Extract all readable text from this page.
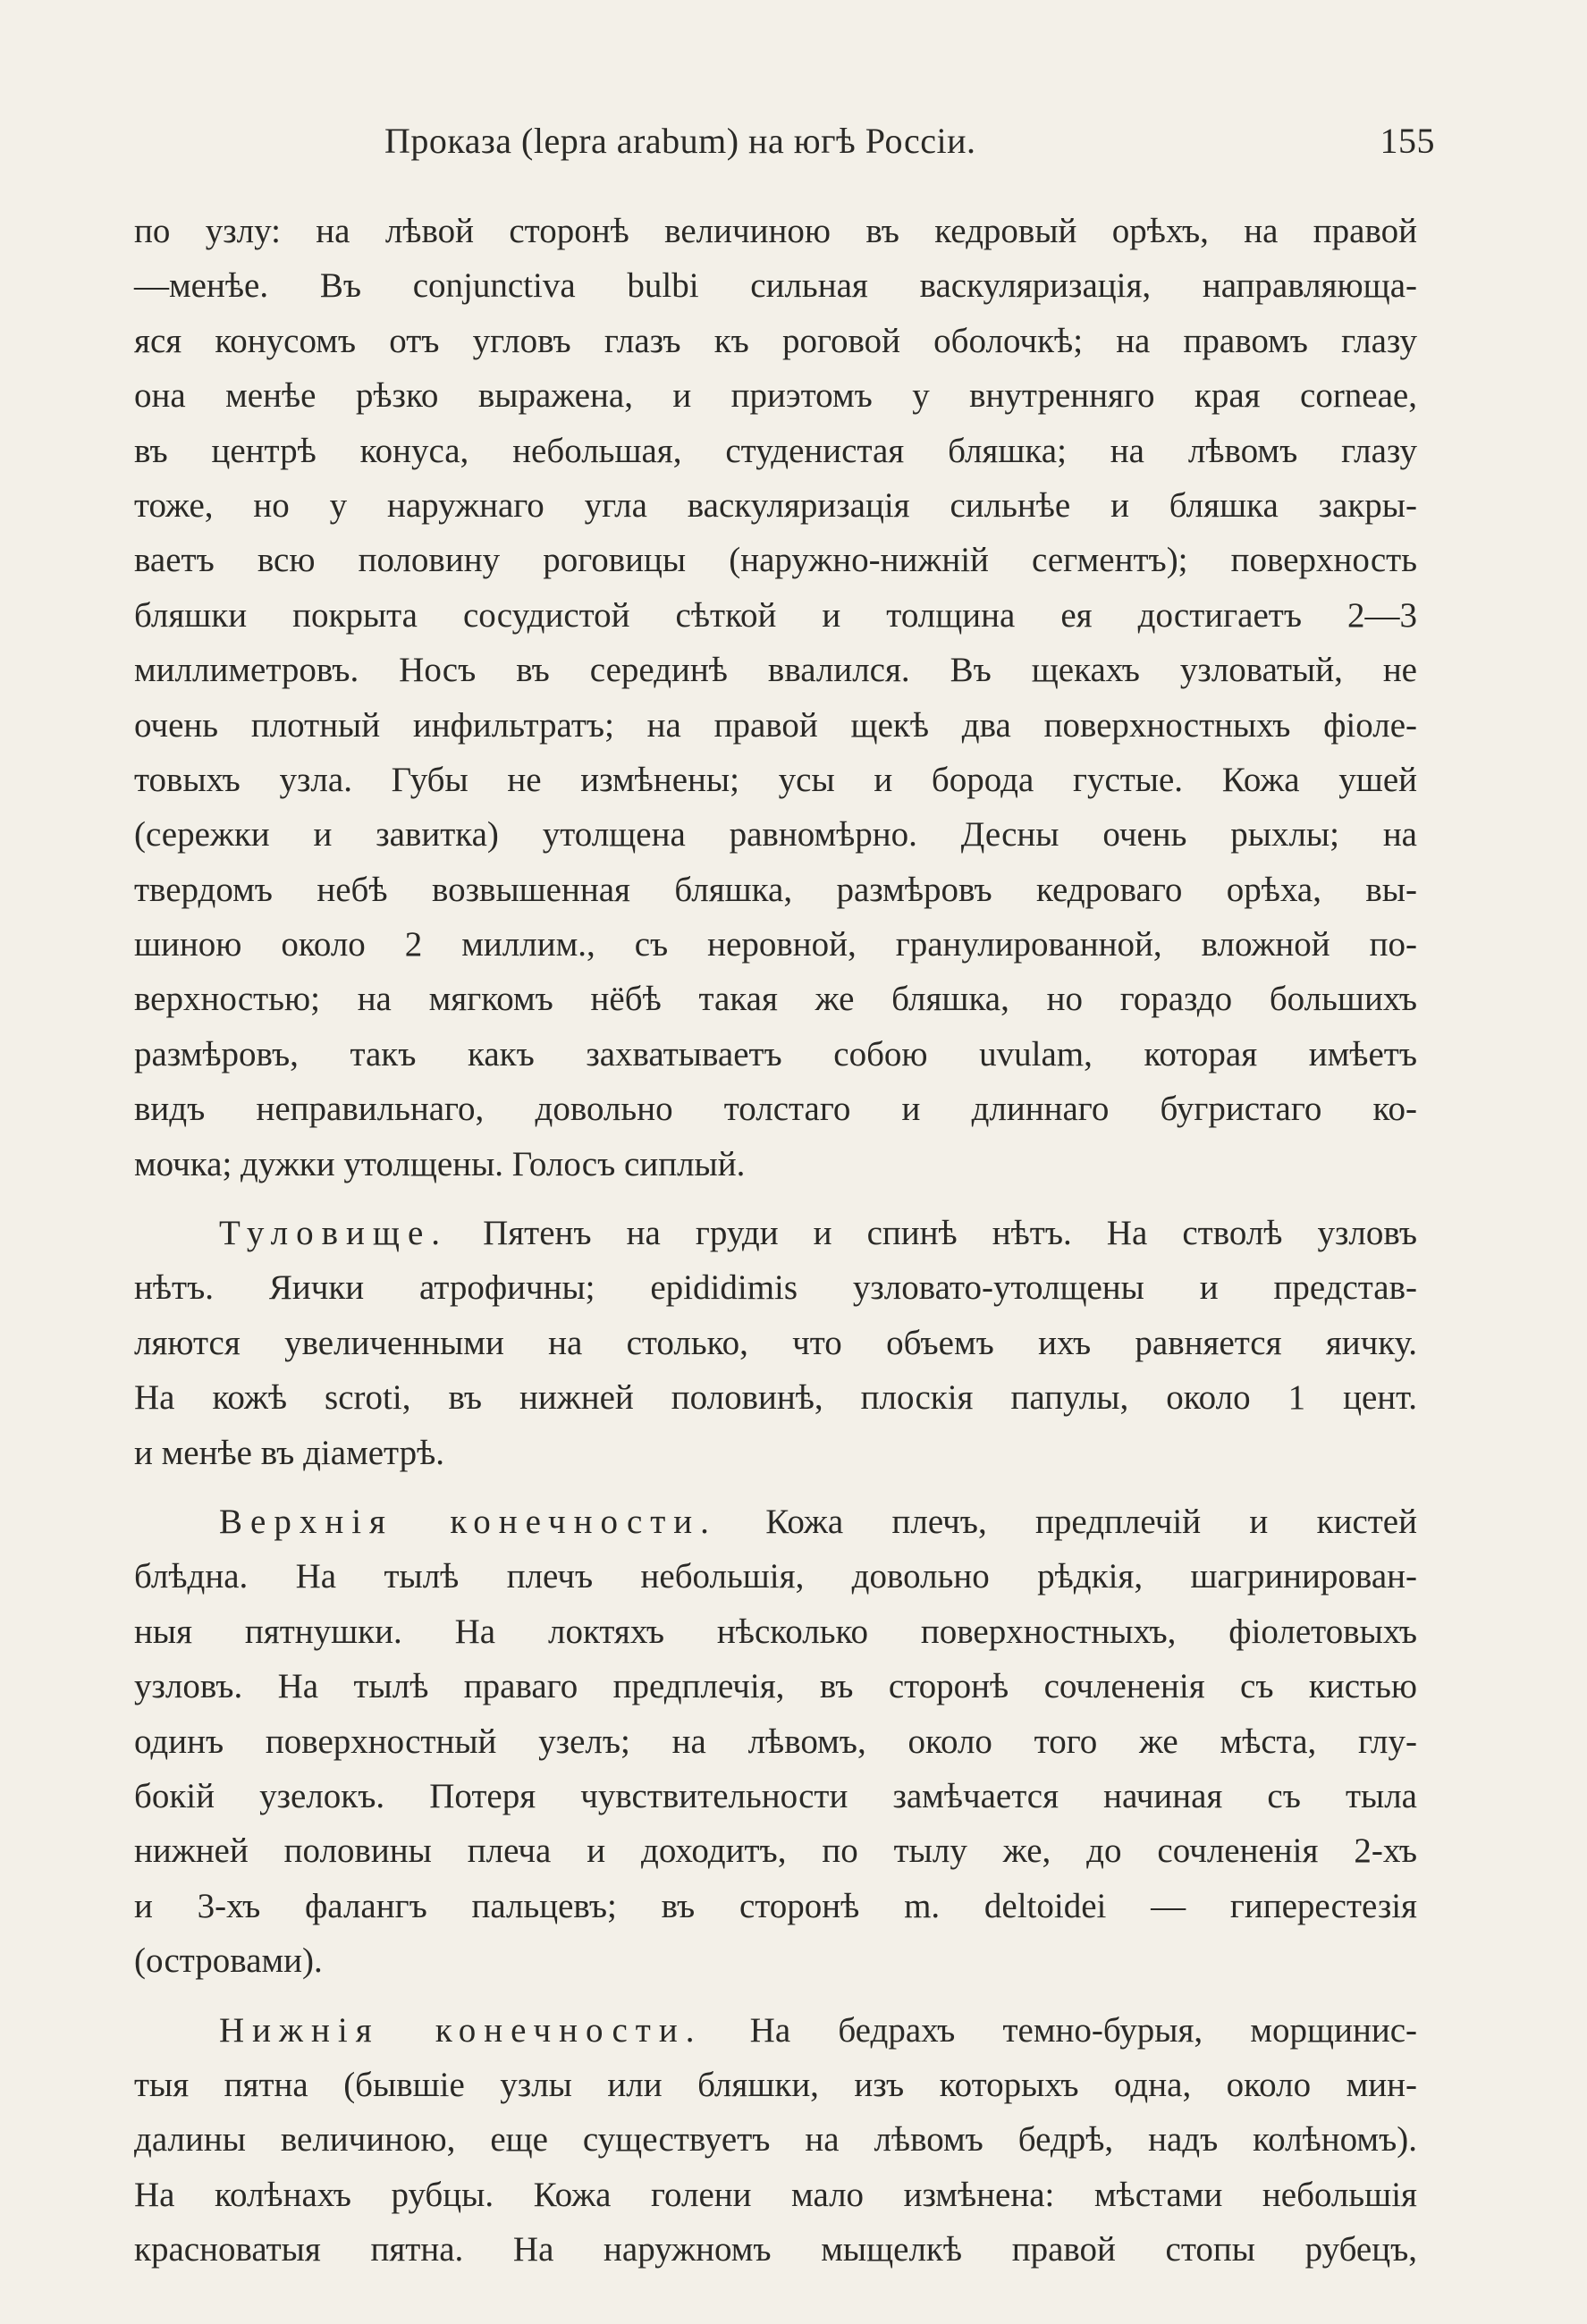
Проказа (lepra arabum) на югѣ Россіи.	155
по узлу: на лѣвой сторонѣ величиною въ кедровый орѣхъ, на правой
—менѣе. Въ conjunctiva bulbi сильная васкуляризація, направляюща-
яся конусомъ отъ угловъ глазъ къ роговой оболочкѣ; на правомъ глазу
она менѣе рѣзко выражена, и приэтомъ у внутренняго края corneae,
въ центрѣ конуса, небольшая, студенистая бляшка; на лѣвомъ глазу
тоже, но у наружнаго угла васкуляризація сильнѣе и бляшка закры-
ваетъ всю половину роговицы (наружно-нижній сегментъ); поверхность
бляшки покрыта сосудистой сѣткой и толщина ея достигаетъ 2—3
миллиметровъ. Носъ въ серединѣ ввалился. Въ щекахъ узловатый, не
очень плотный инфильтратъ; на правой щекѣ два поверхностныхъ фіоле-
товыхъ узла. Губы не измѣнены; усы и борода густые. Кожа ушей
(сережки и завитка) утолщена равномѣрно. Десны очень рыхлы; на
твердомъ небѣ возвышенная бляшка, размѣровъ кедроваго орѣха, вы-
шиною около 2 миллим., съ неровной, гранулированной, вложной по-
верхностью; на мягкомъ нёбѣ такая же бляшка, но гораздо большихъ
размѣровъ, такъ какъ захватываетъ собою uvulam, которая имѣетъ
видъ неправильнаго, довольно толстаго и длиннаго бугристаго ко-
мочка; дужки утолщены. Голосъ сиплый.
Туловище. Пятенъ на груди и спинѣ нѣтъ. На стволѣ узловъ
нѣтъ. Яички атрофичны; epididimis узловато-утолщены и представ-
ляются увеличенными на столько, что объемъ ихъ равняется яичку.
На кожѣ scroti, въ нижней половинѣ, плоскія папулы, около 1 цент.
и менѣе въ діаметрѣ.
Верхнія конечности. Кожа плечъ, предплечій и кистей
блѣдна. На тылѣ плечъ небольшія, довольно рѣдкія, шагринирован-
ныя пятнушки. На локтяхъ нѣсколько поверхностныхъ, фіолетовыхъ
узловъ. На тылѣ праваго предплечія, въ сторонѣ сочлененія съ кистью
одинъ поверхностный узелъ; на лѣвомъ, около того же мѣста, глу-
бокій узелокъ. Потеря чувствительности замѣчается начиная съ тыла
нижней половины плеча и доходитъ, по тылу же, до сочлененія 2-хъ
и 3-хъ фалангъ пальцевъ; въ сторонѣ m. deltoidei — гиперестезія
(островами).
Нижнія конечности. На бедрахъ темно-бурыя, морщинис-
тыя пятна (бывшіе узлы или бляшки, изъ которыхъ одна, около мин-
далины величиною, еще существуетъ на лѣвомъ бедрѣ, надъ колѣномъ).
На колѣнахъ рубцы. Кожа голени мало измѣнена: мѣстами небольшія
красноватыя пятна. На наружномъ мыщелкѣ правой стопы рубецъ,
